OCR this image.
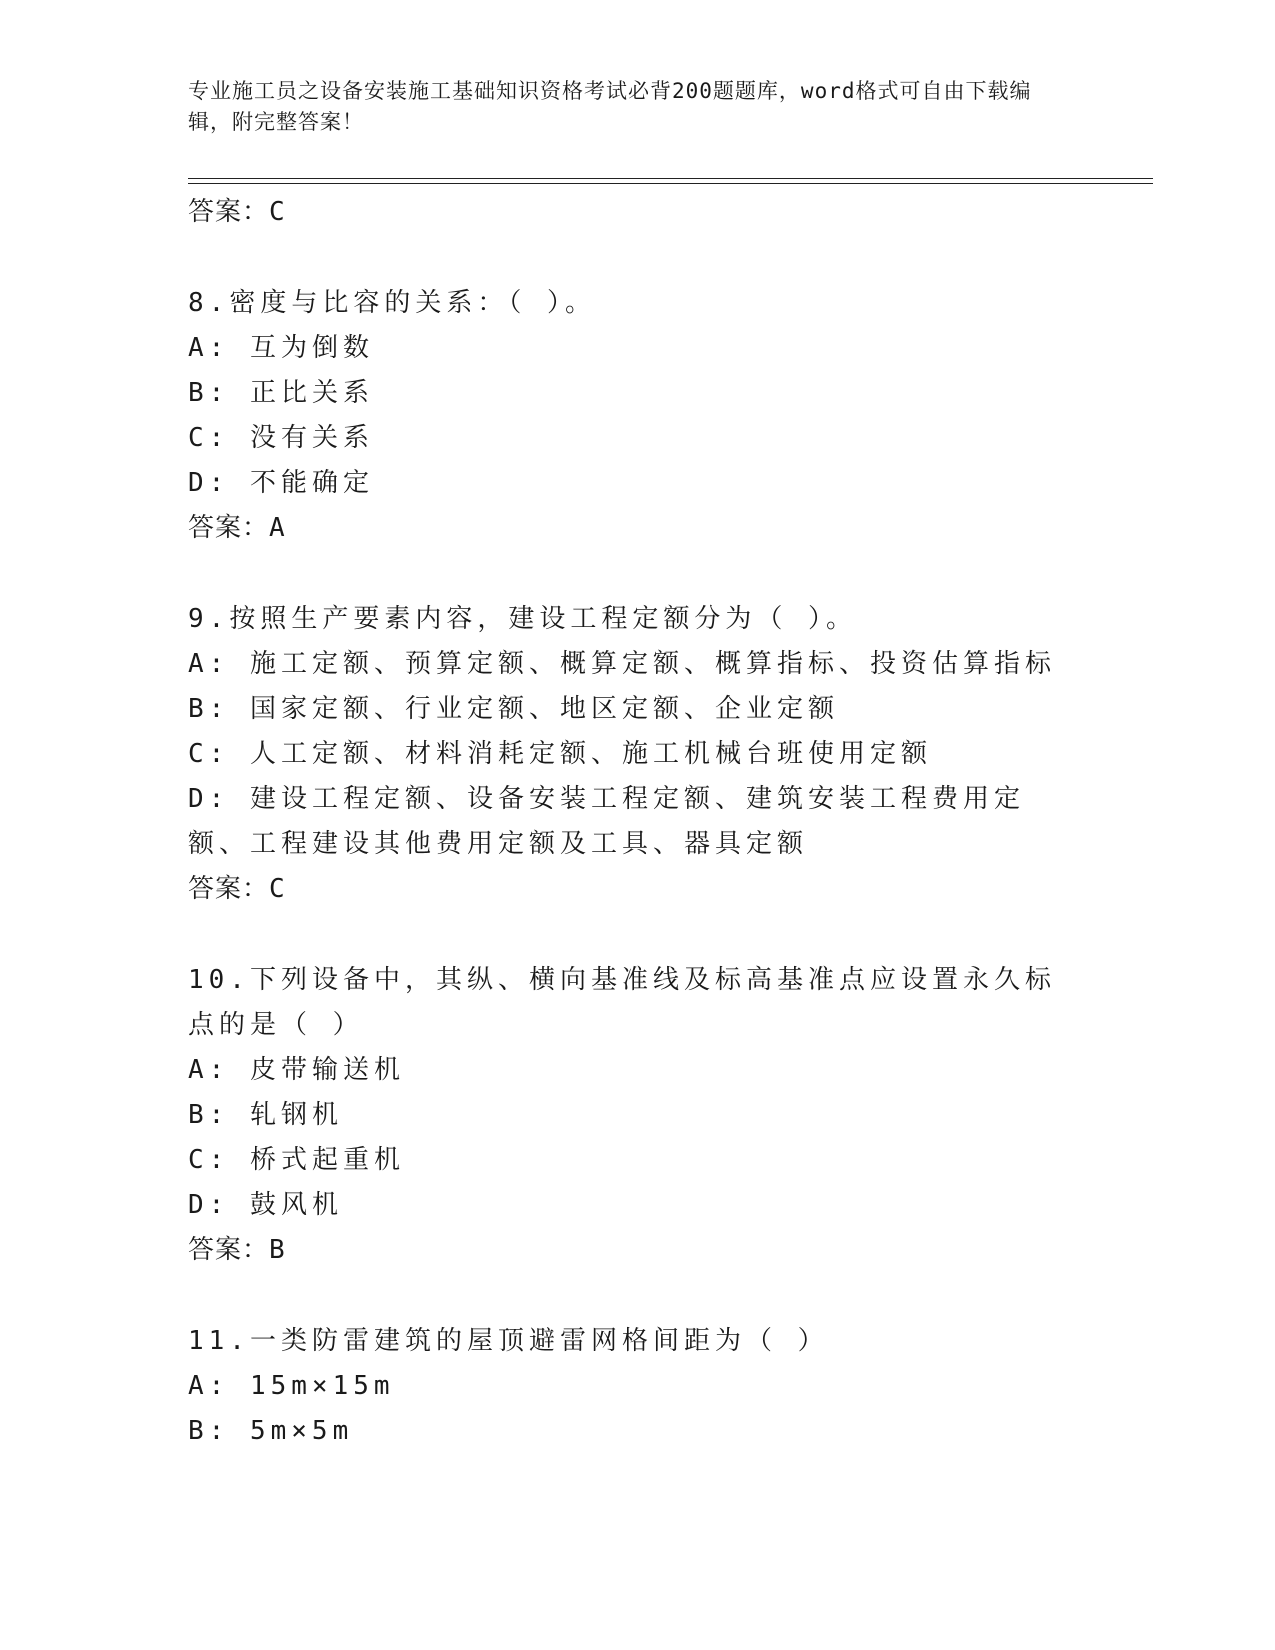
专业施工员之设备安装施工基础知识资格考试必背200题题库，word格式可自由下载编辑，附完整答案！
答案：C
8.密度与比容的关系：（ ）。
A: 互为倒数
B: 正比关系
C: 没有关系
D: 不能确定
答案：A
9.按照生产要素内容，建设工程定额分为（ ）。
A: 施工定额、预算定额、概算定额、概算指标、投资估算指标
B: 国家定额、行业定额、地区定额、企业定额
C: 人工定额、材料消耗定额、施工机械台班使用定额
D: 建设工程定额、设备安装工程定额、建筑安装工程费用定额、工程建设其他费用定额及工具、器具定额
答案：C
10.下列设备中，其纵、横向基准线及标高基准点应设置永久标点的是（ ）
A: 皮带输送机
B: 轧钢机
C: 桥式起重机
D: 鼓风机
答案：B
11.一类防雷建筑的屋顶避雷网格间距为（ ）
A: 15m×15m
B: 5m×5m
